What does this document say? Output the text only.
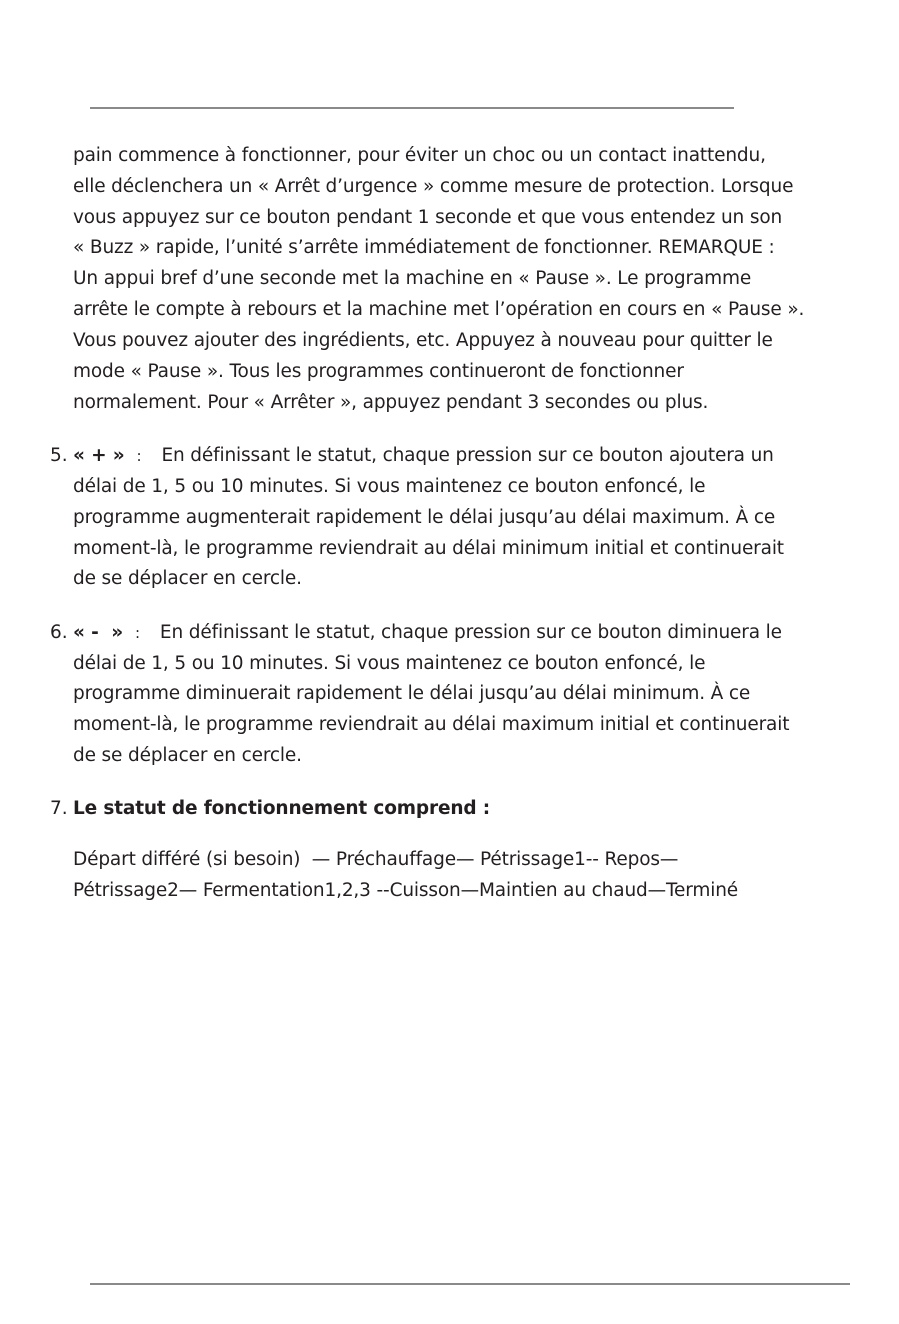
pain commence à fonctionner, pour éviter un choc ou un contact inattendu,
elle déclenchera un « Arrêt d’urgence » comme mesure de protection. Lorsque
vous appuyez sur ce bouton pendant 1 seconde et que vous entendez un son
« Buzz » rapide, l’unité s’arrête immédiatement de fonctionner. REMARQUE :
Un appui bref d’une seconde met la machine en « Pause ». Le programme
arrête le compte à rebours et la machine met l’opération en cours en « Pause ».
Vous pouvez ajouter des ingrédients, etc. Appuyez à nouveau pour quitter le
mode « Pause ». Tous les programmes continueront de fonctionner
normalement. Pour « Arrêter », appuyez pendant 3 secondes ou plus.
5. « + » : En définissant le statut, chaque pression sur ce bouton ajoutera un
délai de 1, 5 ou 10 minutes. Si vous maintenez ce bouton enfoncé, le
programme augmenterait rapidement le délai jusqu’au délai maximum. À ce
moment-là, le programme reviendrait au délai minimum initial et continuerait
de se déplacer en cercle.
6. « -  » : En définissant le statut, chaque pression sur ce bouton diminuera le
délai de 1, 5 ou 10 minutes. Si vous maintenez ce bouton enfoncé, le
programme diminuerait rapidement le délai jusqu’au délai minimum. À ce
moment-là, le programme reviendrait au délai maximum initial et continuerait
de se déplacer en cercle.
7. Le statut de fonctionnement comprend :
Départ différé (si besoin)  — Préchauffage— Pétrissage1-- Repos—
Pétrissage2— Fermentation1,2,3 --Cuisson—Maintien au chaud—Terminé
